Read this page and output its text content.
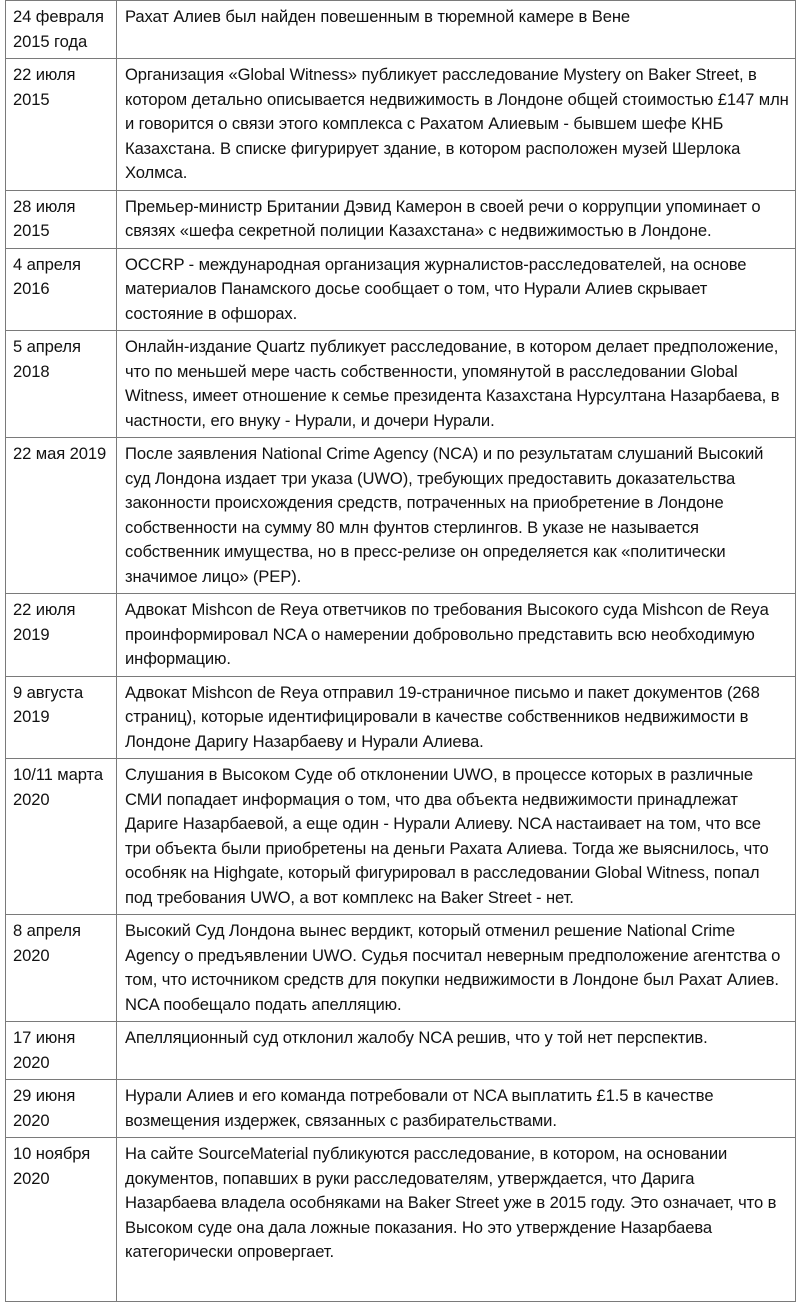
24 февраля 2015 года	Рахат Алиев был найден повешенным в тюремной камере в Вене
22 июля 2015	Организация «Global Witness» публикует расследование Mystery on Baker Street, в котором детально описывается недвижимость в Лондоне общей стоимостью £147 млн и говорится о связи этого комплекса с Рахатом Алиевым - бывшем шефе КНБ Казахстана. В списке фигурирует здание, в котором расположен музей Шерлока Холмса.
28 июля 2015	Премьер-министр Британии Дэвид Камерон в своей речи о коррупции упоминает о связях «шефа секретной полиции Казахстана» с недвижимостью в Лондоне.
4 апреля 2016	OCCRP - международная организация журналистов-расследователей, на основе материалов Панамского досье сообщает о том, что Нурали Алиев скрывает состояние в офшорах.
5 апреля 2018	Онлайн-издание Quartz публикует расследование, в котором делает предположение, что по меньшей мере часть собственности, упомянутой в расследовании Global Witness, имеет отношение к семье президента Казахстана Нурсултана Назарбаева, в частности, его внуку - Нурали, и дочери Нурали.
22 мая 2019	После заявления National Crime Agency (NCA) и по результатам слушаний Высокий суд Лондона издает три указа (UWO), требующих предоставить доказательства законности происхождения средств, потраченных на приобретение в Лондоне собственности на сумму 80 млн фунтов стерлингов. В указе не называется собственник имущества, но в пресс-релизе он определяется как «политически значимое лицо» (PEP).
22 июля 2019	Адвокат Mishcon de Reya ответчиков по требования Высокого суда Mishcon de Reya проинформировал NCA о намерении добровольно представить всю необходимую информацию.
9 августа 2019	Адвокат Mishcon de Reya отправил 19-страничное письмо и пакет документов (268 страниц), которые идентифицировали в качестве собственников недвижимости в Лондоне Даригу Назарбаеву и Нурали Алиева.
10/11 марта 2020	Слушания в Высоком Суде об отклонении UWO, в процессе которых в различные СМИ попадает информация о том, что два объекта недвижимости принадлежат Дариге Назарбаевой, а еще один - Нурали Алиеву. NCA настаивает на том, что все три объекта были приобретены на деньги Рахата Алиева. Тогда же выяснилось, что особняк на Highgate, который фигурировал в расследовании Global Witness, попал под требования UWO, а вот комплекс на Baker Street - нет.
8 апреля 2020	Высокий Суд Лондона вынес вердикт, который отменил решение National Crime Agency о предъявлении UWO. Судья посчитал неверным предположение агентства о том, что источником средств для покупки недвижимости в Лондоне был Рахат Алиев. NCA пообещало подать апелляцию.
17 июня 2020	Апелляционный суд отклонил жалобу NCA решив, что у той нет перспектив.
29 июня 2020	Нурали Алиев и его команда потребовали от NCA выплатить £1.5 в качестве возмещения издержек, связанных с разбирательствами.
10 ноября 2020	На сайте SourceMaterial публикуются расследование, в котором, на основании документов, попавших в руки расследователям, утверждается, что Дарига Назарбаева владела особняками на Baker Street уже в 2015 году. Это означает, что в Высоком суде она дала ложные показания. Но это утверждение Назарбаева категорически опровергает.
